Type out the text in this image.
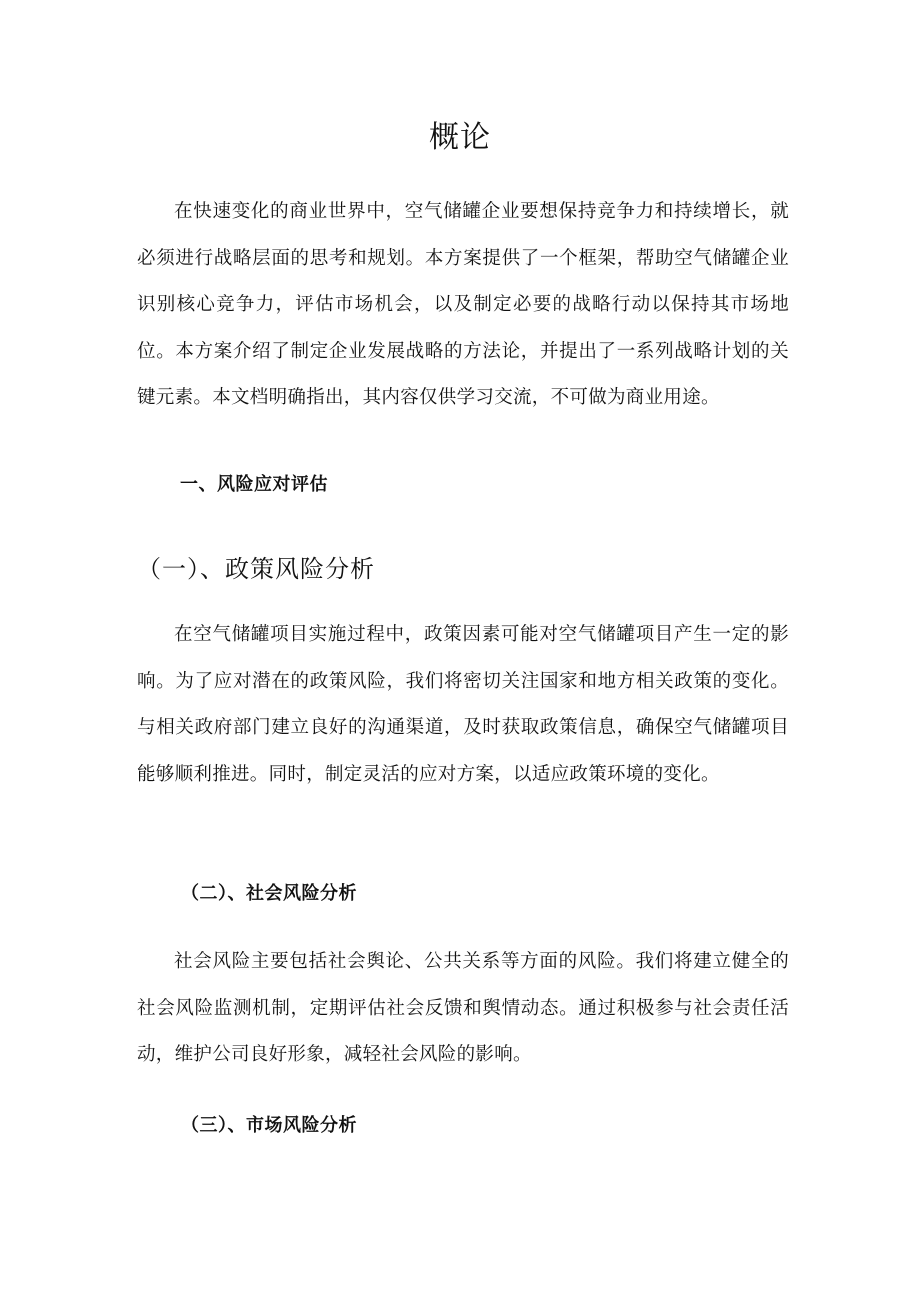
概论

在快速变化的商业世界中，空气储罐企业要想保持竞争力和持续增长，就必须进行战略层面的思考和规划。本方案提供了一个框架，帮助空气储罐企业识别核心竞争力，评估市场机会，以及制定必要的战略行动以保持其市场地位。本方案介绍了制定企业发展战略的方法论，并提出了一系列战略计划的关键元素。本文档明确指出，其内容仅供学习交流，不可做为商业用途。

一、风险应对评估
（一）、政策风险分析

在空气储罐项目实施过程中，政策因素可能对空气储罐项目产生一定的影响。为了应对潜在的政策风险，我们将密切关注国家和地方相关政策的变化。与相关政府部门建立良好的沟通渠道，及时获取政策信息，确保空气储罐项目能够顺利推进。同时，制定灵活的应对方案，以适应政策环境的变化。

（二）、社会风险分析

社会风险主要包括社会舆论、公共关系等方面的风险。我们将建立健全的社会风险监测机制，定期评估社会反馈和舆情动态。通过积极参与社会责任活动，维护公司良好形象，减轻社会风险的影响。

（三）、市场风险分析
